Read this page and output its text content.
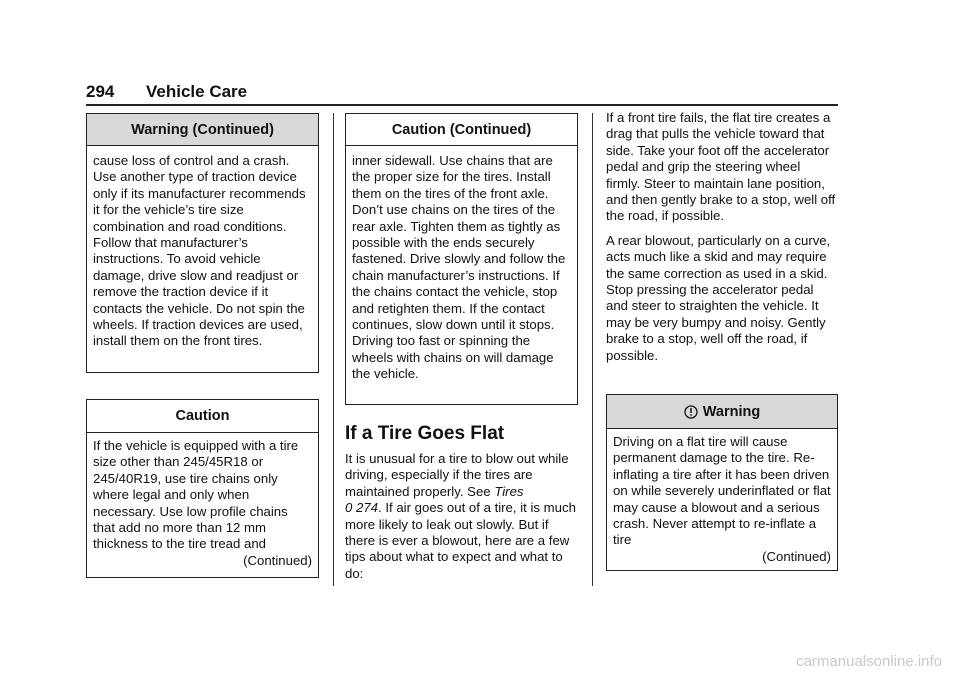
294 Vehicle Care
Warning (Continued)
cause loss of control and a crash. Use another type of traction device only if its manufacturer recommends it for the vehicle’s tire size combination and road conditions. Follow that manufacturer’s instructions. To avoid vehicle damage, drive slow and readjust or remove the traction device if it contacts the vehicle. Do not spin the wheels. If traction devices are used, install them on the front tires.
Caution
If the vehicle is equipped with a tire size other than 245/45R18 or 245/40R19, use tire chains only where legal and only when necessary. Use low profile chains that add no more than 12 mm thickness to the tire tread and
(Continued)
Caution (Continued)
inner sidewall. Use chains that are the proper size for the tires. Install them on the tires of the front axle. Don’t use chains on the tires of the rear axle. Tighten them as tightly as possible with the ends securely fastened. Drive slowly and follow the chain manufacturer’s instructions. If the chains contact the vehicle, stop and retighten them. If the contact continues, slow down until it stops. Driving too fast or spinning the wheels with chains on will damage the vehicle.
If a Tire Goes Flat
It is unusual for a tire to blow out while driving, especially if the tires are maintained properly. See Tires
0 274. If air goes out of a tire, it is much more likely to leak out slowly. But if there is ever a blowout, here are a few tips about what to expect and what to do:

If a front tire fails, the flat tire creates a drag that pulls the vehicle toward that side. Take your foot off the accelerator pedal and grip the steering wheel firmly. Steer to maintain lane position, and then gently brake to a stop, well off the road, if possible.

A rear blowout, particularly on a curve, acts much like a skid and may require the same correction as used in a skid. Stop pressing the accelerator pedal and steer to straighten the vehicle. It may be very bumpy and noisy. Gently brake to a stop, well off the road, if possible.

Warning
Driving on a flat tire will cause permanent damage to the tire. Re-inflating a tire after it has been driven on while severely underinflated or flat may cause a blowout and a serious crash. Never attempt to re-inflate a tire
(Continued)
carmanualsonline.info
